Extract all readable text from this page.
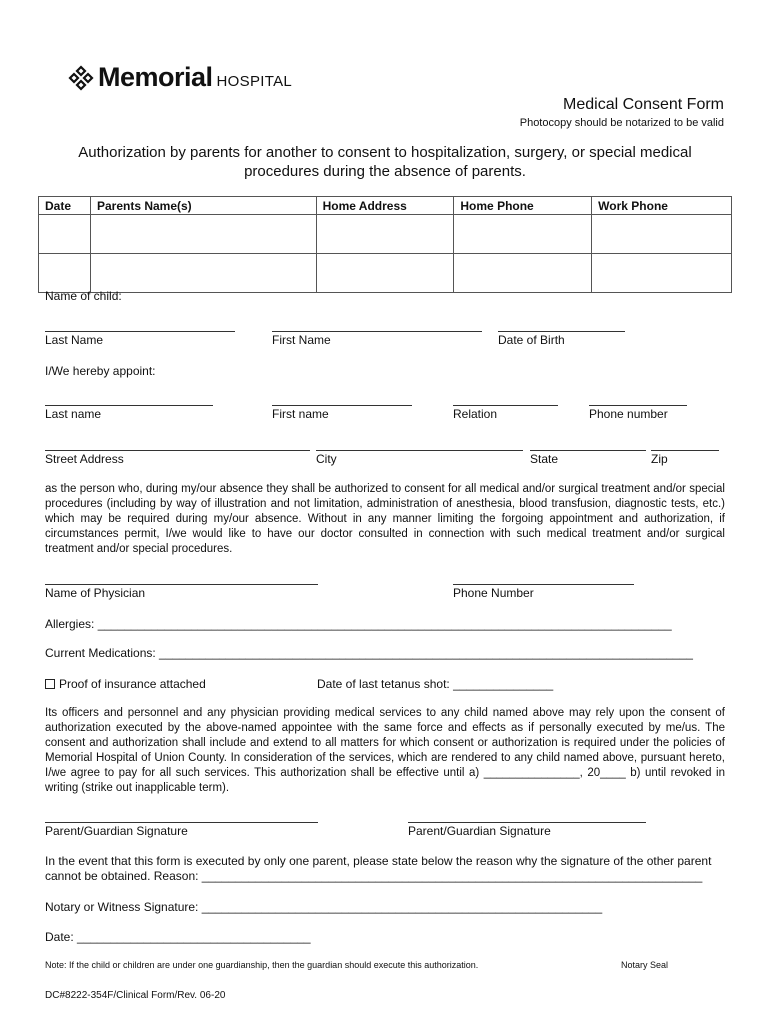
Memorial HOSPITAL
Medical Consent Form
Photocopy should be notarized to be valid
Authorization by parents for another to consent to hospitalization, surgery, or special medical procedures during the absence of parents.
Date	Parents Name(s)	Home Address	Home Phone	Work Phone

Name of child:
Last Name	First Name	Date of Birth
I/We hereby appoint:
Last name	First name	Relation	Phone number
Street Address	City	State	Zip
as the person who, during my/our absence they shall be authorized to consent for all medical and/or surgical treatment and/or special procedures (including by way of illustration and not limitation, administration of anesthesia, blood transfusion, diagnostic tests, etc.) which may be required during my/our absence. Without in any manner limiting the forgoing appointment and authorization, if circumstances permit, I/we would like to have our doctor consulted in connection with such medical treatment and/or surgical treatment and/or special procedures.
Name of Physician	Phone Number
Allergies: ______________________________________________________________________________________
Current Medications: ________________________________________________________________________________
Proof of insurance attached	Date of last tetanus shot: _______________
Its officers and personnel and any physician providing medical services to any child named above may rely upon the consent of authorization executed by the above-named appointee with the same force and effects as if personally executed by me/us. The consent and authorization shall include and extend to all matters for which consent or authorization is required under the policies of Memorial Hospital of Union County. In consideration of the services, which are rendered to any child named above, pursuant hereto, I/we agree to pay for all such services. This authorization shall be effective until a) _______________, 20____ b) until revoked in writing (strike out inapplicable term).
Parent/Guardian Signature	Parent/Guardian Signature
In the event that this form is executed by only one parent, please state below the reason why the signature of the other parent cannot be obtained. Reason: ___________________________________________________________________________
Notary or Witness Signature: ____________________________________________________________
Date: ___________________________________
Note: If the child or children are under one guardianship, then the guardian should execute this authorization.	Notary Seal
DC#8222-354F/Clinical Form/Rev. 06-20
